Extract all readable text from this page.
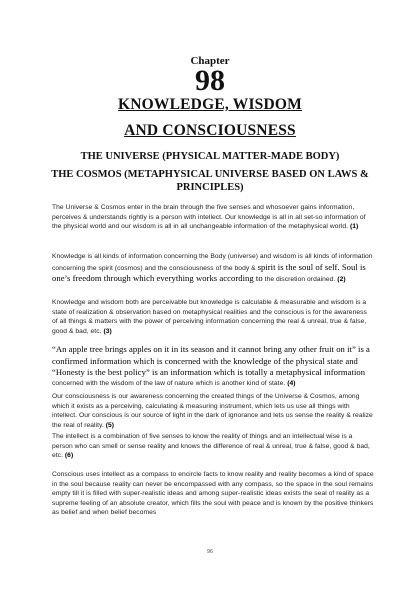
Chapter
98
KNOWLEDGE, WISDOM
AND CONSCIOUSNESS
THE UNIVERSE (PHYSICAL MATTER-MADE BODY)
THE COSMOS (METAPHYSICAL UNIVERSE BASED ON LAWS & PRINCIPLES)

The Universe & Cosmos enter in the brain through the five senses and whosoever gains information, perceives & understands rightly is a person with intellect. Our knowledge is all in all set-so information of the physical world and our wisdom is all in all unchangeable information of the metaphysical world. (1)

Knowledge is all kinds of information concerning the Body (universe) and wisdom is all kinds of information concerning the spirit (cosmos) and the consciousness of the body & spirit is the soul of self. Soul is one’s freedom through which everything works according to the discretion ordained. (2)

Knowledge and wisdom both are perceivable but knowledge is calculable & measurable and wisdom is a state of realization & observation based on metaphysical realities and the conscious is for the awareness of all things & matters with the power of perceiving information concerning the real & unreal, true & false, good & bad, etc. (3)

“An apple tree brings apples on it in its season and it cannot bring any other fruit on it” is a confirmed information which is concerned with the knowledge of the physical state and “Honesty is the best policy” is an information which is totally a metaphysical information concerned with the wisdom of the law of nature which is another kind of state. (4)

Our consciousness is our awareness concerning the created things of the Universe & Cosmos, among which it exists as a perceiving, calculating & measuring instrument, which lets us use all things with intellect. Our conscious is our source of light in the dark of ignorance and lets us sense the reality & realize the real of reality. (5)

The intellect is a combination of five senses to know the reality of things and an intellectual wise is a person who can smell or sense reality and knows the difference of real & unreal, true & false, good & bad, etc. (6)

Conscious uses intellect as a compass to encircle facts to know reality and reality becomes a kind of space in the soul because reality can never be encompassed with any compass, so the space in the soul remains empty till it is filled with super-realistic ideas and among super-realistic ideas exists the seal of reality as a supreme feeling of an absolute creator, which fills the soul with peace and is known by the positive thinkers as belief and when belief becomes

96
